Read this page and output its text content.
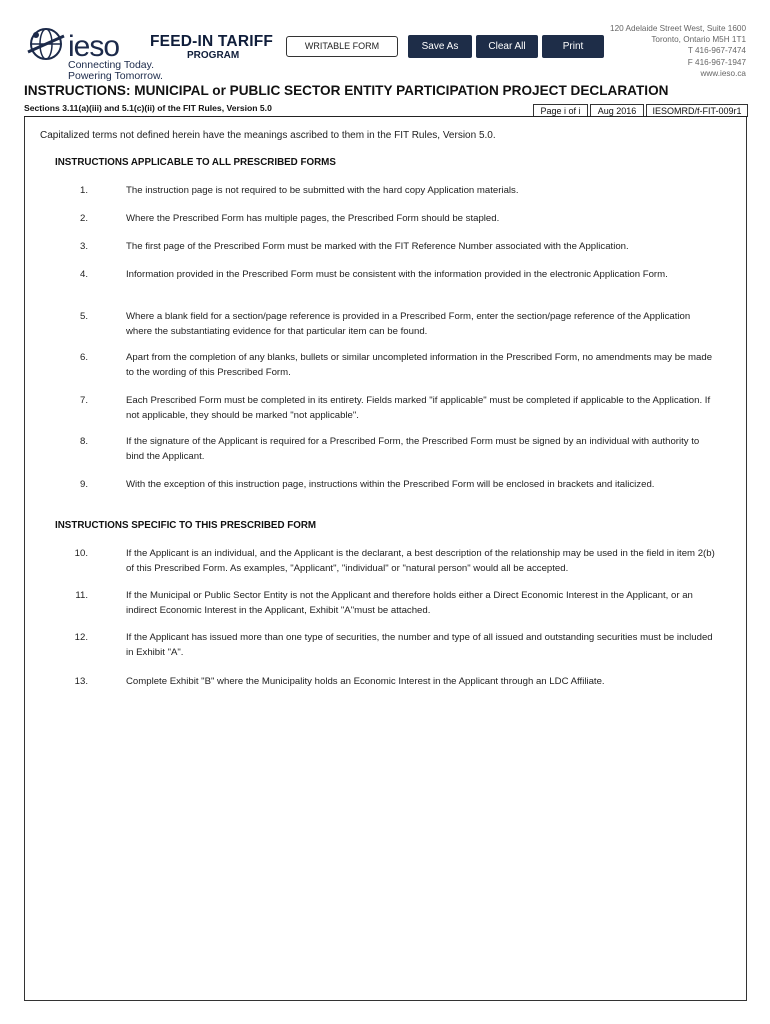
ieso
Connecting Today.
Powering Tomorrow.
FEED-IN TARIFF
PROGRAM
WRITABLE FORM	Save As	Clear All	Print
120 Adelaide Street West, Suite 1600
Toronto, Ontario M5H 1T1
T 416-967-7474
F 416-967-1947
www.ieso.ca
INSTRUCTIONS: MUNICIPAL or PUBLIC SECTOR ENTITY PARTICIPATION PROJECT DECLARATION
Sections 3.11(a)(iii) and 5.1(c)(ii) of the FIT Rules, Version 5.0	Page i of i	Aug 2016	IESOMRD/f-FIT-009r1
Capitalized terms not defined herein have the meanings ascribed to them in the FIT Rules, Version 5.0.
INSTRUCTIONS APPLICABLE TO ALL PRESCRIBED FORMS
1.	The instruction page is not required to be submitted with the hard copy Application materials.
2.	Where the Prescribed Form has multiple pages, the Prescribed Form should be stapled.
3.	The first page of the Prescribed Form must be marked with the FIT Reference Number associated with the Application.
4.	Information provided in the Prescribed Form must be consistent with the information provided in the electronic Application Form.
5.	Where a blank field for a section/page reference is provided in a Prescribed Form, enter the section/page reference of the Application where the substantiating evidence for that particular item can be found.
6.	Apart from the completion of any blanks, bullets or similar uncompleted information in the Prescribed Form, no amendments may be made to the wording of this Prescribed Form.
7.	Each Prescribed Form must be completed in its entirety. Fields marked "if applicable" must be completed if applicable to the Application. If not applicable, they should be marked "not applicable".
8.	If the signature of the Applicant is required for a Prescribed Form, the Prescribed Form must be signed by an individual with authority to bind the Applicant.
9.	With the exception of this instruction page, instructions within the Prescribed Form will be enclosed in brackets and italicized.
INSTRUCTIONS SPECIFIC TO THIS PRESCRIBED FORM
10.	If the Applicant is an individual, and the Applicant is the declarant, a best description of the relationship may be used in the field in item 2(b) of this Prescribed Form. As examples, "Applicant", "individual" or "natural person" would all be accepted.
11.	If the Municipal or Public Sector Entity is not the Applicant and therefore holds either a Direct Economic Interest in the Applicant, or an indirect Economic Interest in the Applicant, Exhibit "A"must be attached.
12.	If the Applicant has issued more than one type of securities, the number and type of all issued and outstanding securities must be included in Exhibit "A".
13.	Complete Exhibit "B" where the Municipality holds an Economic Interest in the Applicant through an LDC Affiliate.
